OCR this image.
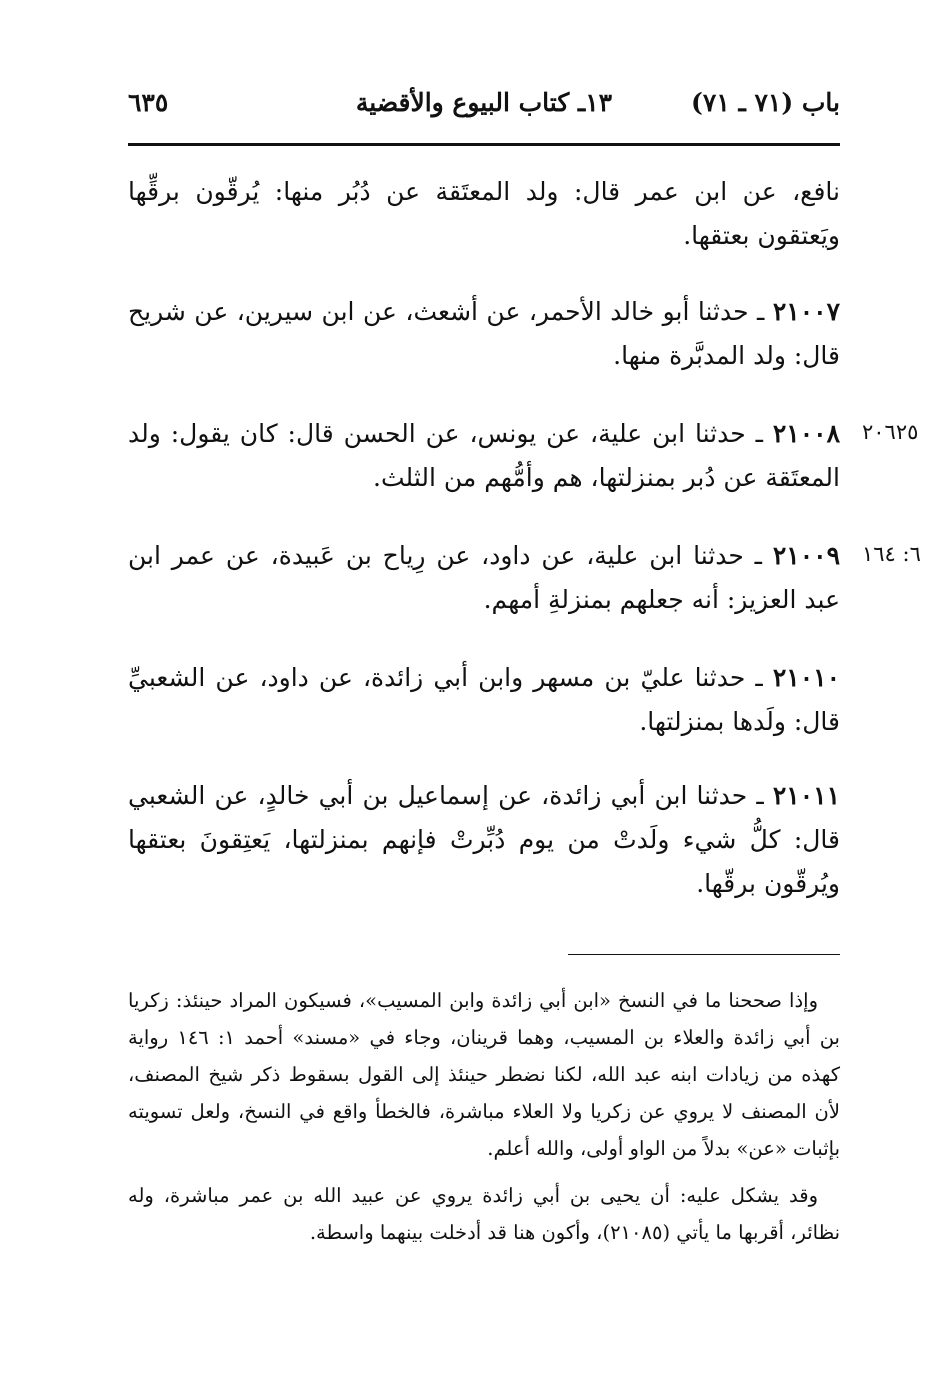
باب (٧١ ـ ٧١)
١٣ـ كتاب البيوع والأقضية
٦٣٥

نافع، عن ابن عمر قال: ولد المعتَقة عن دُبُر منها: يُرقّون برقِّها ويَعتقون بعتقها.

٢١٠٠٧ ـ حدثنا أبو خالد الأحمر، عن أشعث، عن ابن سيرين، عن شريح قال: ولد المدبَّرة منها.

٢١٠٠٨ ـ حدثنا ابن علية، عن يونس، عن الحسن قال: كان يقول: ولد المعتَقة عن دُبر بمنزلتها، هم وأمُّهم من الثلث.

٢٠٦٢٥

٢١٠٠٩ ـ حدثنا ابن علية، عن داود، عن رِياح بن عَبيدة، عن عمر ابن عبد العزيز: أنه جعلهم بمنزلةِ أمهم.

٦: ١٦٤

٢١٠١٠ ـ حدثنا عليّ بن مسهر وابن أبي زائدة، عن داود، عن الشعبيِّ قال: ولَدها بمنزلتها.

٢١٠١١ ـ حدثنا ابن أبي زائدة، عن إسماعيل بن أبي خالدٍ، عن الشعبي قال: كلُّ شيء ولَدتْ من يوم دُبِّرتْ فإنهم بمنزلتها، يَعتِقونَ بعتقها ويُرقّون برقّها.

وإذا صححنا ما في النسخ «ابن أبي زائدة وابن المسيب»، فسيكون المراد حينئذ: زكريا بن أبي زائدة والعلاء بن المسيب، وهما قرينان، وجاء في «مسند» أحمد ١: ١٤٦ رواية كهذه من زيادات ابنه عبد الله، لكنا نضطر حينئذ إلى القول بسقوط ذكر شيخ المصنف، لأن المصنف لا يروي عن زكريا ولا العلاء مباشرة، فالخطأ واقع في النسخ، ولعل تسويته بإثبات «عن» بدلاً من الواو أولى، والله أعلم.

وقد يشكل عليه: أن يحيى بن أبي زائدة يروي عن عبيد الله بن عمر مباشرة، وله نظائر، أقربها ما يأتي (٢١٠٨٥)، وأكون هنا قد أدخلت بينهما واسطة.
